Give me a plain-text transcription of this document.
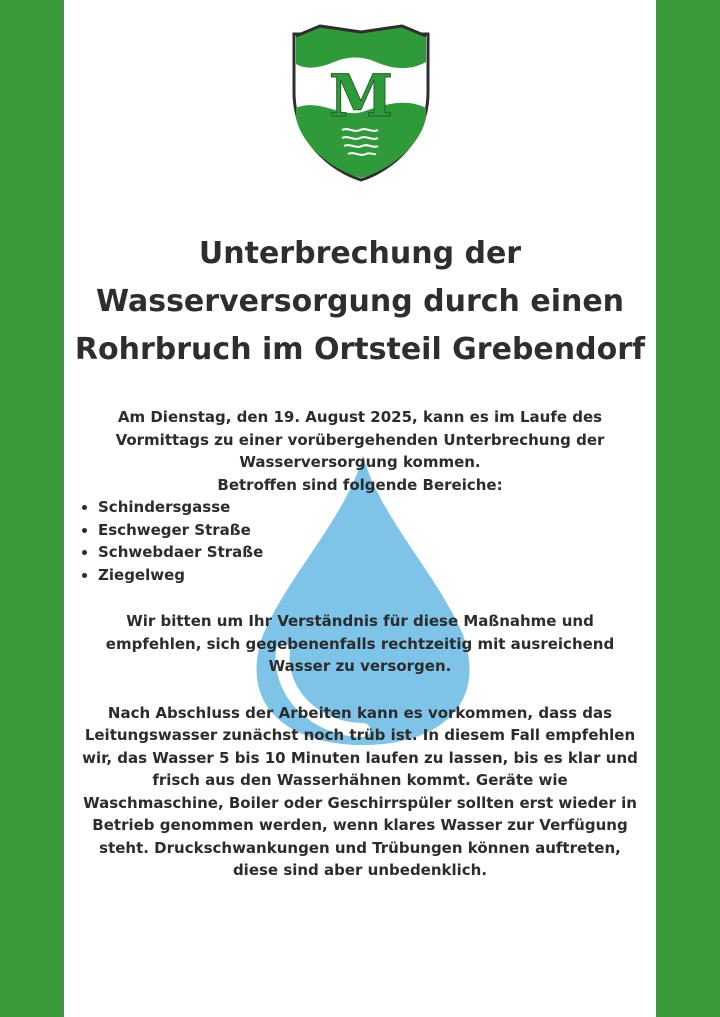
M
Unterbrechung der
Wasserversorgung durch einen
Rohrbruch im Ortsteil Grebendorf

Am Dienstag, den 19. August 2025, kann es im Laufe des
Vormittags zu einer vorübergehenden Unterbrechung der
Wasserversorgung kommen.
Betroffen sind folgende Bereiche:

• Schindersgasse
• Eschweger Straße
• Schwebdaer Straße
• Ziegelweg

Wir bitten um Ihr Verständnis für diese Maßnahme und
empfehlen, sich gegebenenfalls rechtzeitig mit ausreichend
Wasser zu versorgen.

Nach Abschluss der Arbeiten kann es vorkommen, dass das
Leitungswasser zunächst noch trüb ist. In diesem Fall empfehlen
wir, das Wasser 5 bis 10 Minuten laufen zu lassen, bis es klar und
frisch aus den Wasserhähnen kommt. Geräte wie
Waschmaschine, Boiler oder Geschirrspüler sollten erst wieder in
Betrieb genommen werden, wenn klares Wasser zur Verfügung
steht. Druckschwankungen und Trübungen können auftreten,
diese sind aber unbedenklich.
